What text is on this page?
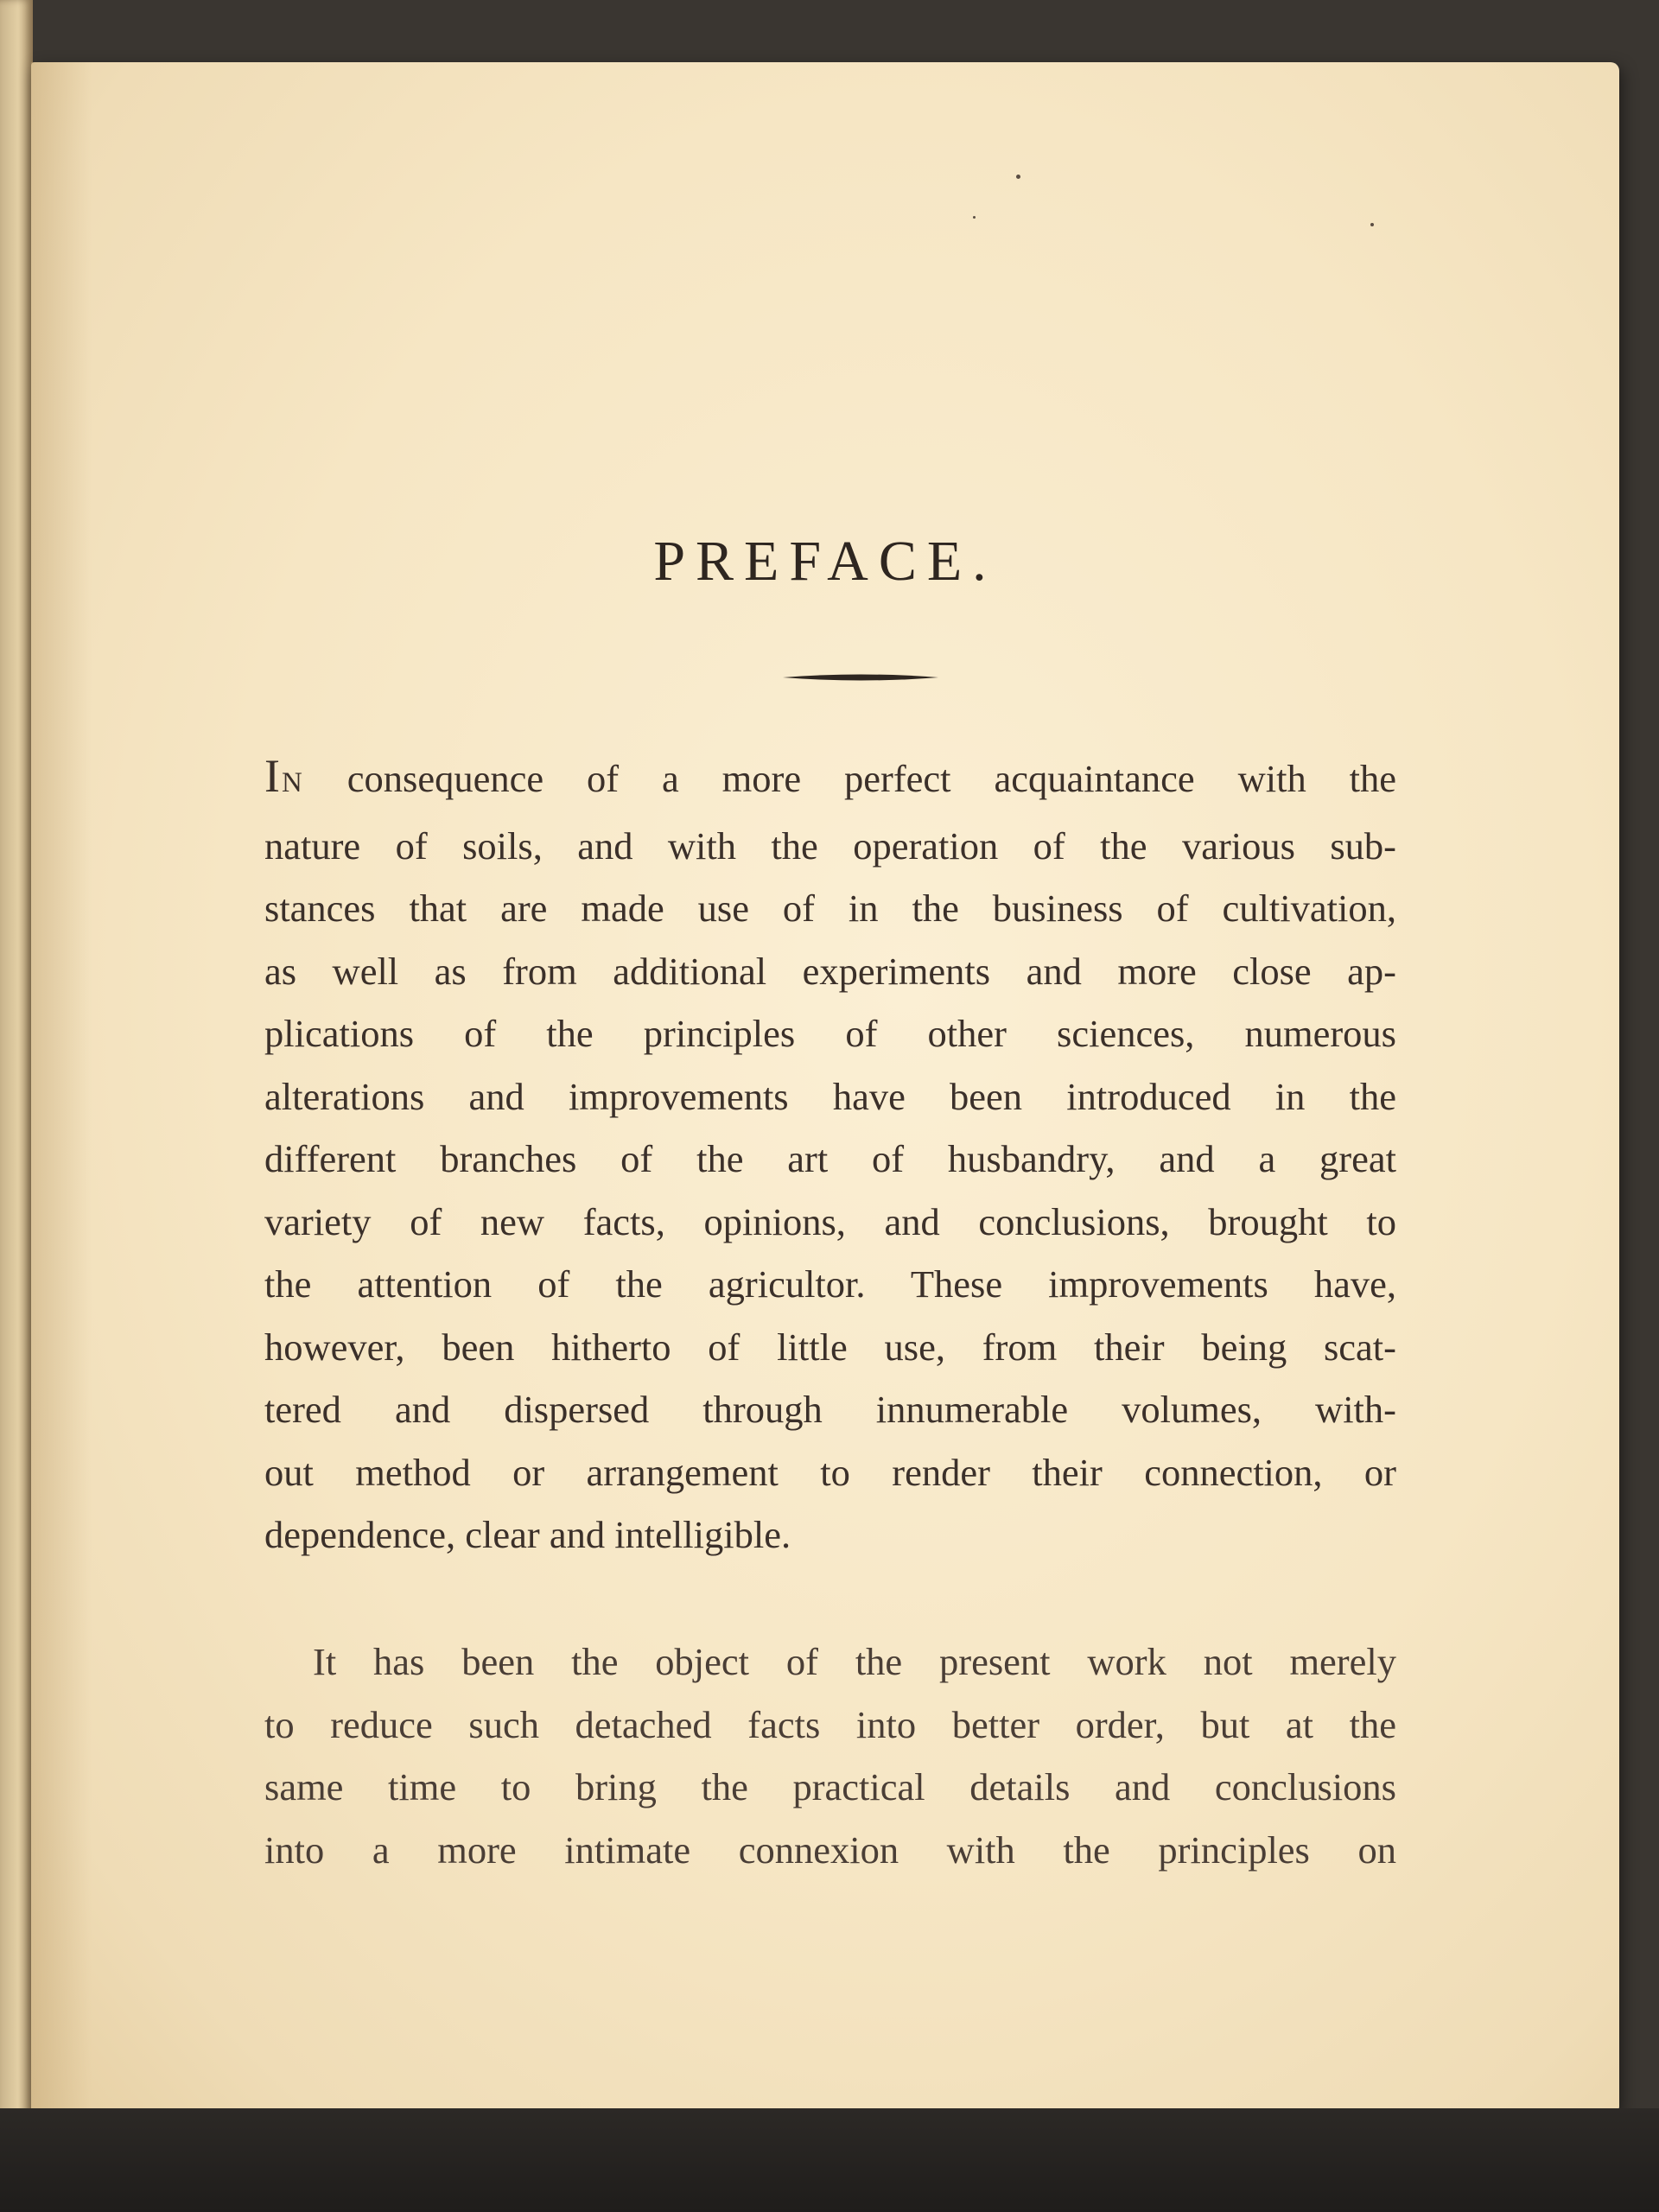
PREFACE.

IN consequence of a more perfect acquaintance with the
nature of soils, and with the operation of the various sub-
stances that are made use of in the business of cultivation,
as well as from additional experiments and more close ap-
plications of the principles of other sciences, numerous
alterations and improvements have been introduced in the
different branches of the art of husbandry, and a great
variety of new facts, opinions, and conclusions, brought to
the attention of the agricultor. These improvements have,
however, been hitherto of little use, from their being scat-
tered and dispersed through innumerable volumes, with-
out method or arrangement to render their connection, or
dependence, clear and intelligible.

It has been the object of the present work not merely
to reduce such detached facts into better order, but at the
same time to bring the practical details and conclusions
into a more intimate connexion with the principles on
